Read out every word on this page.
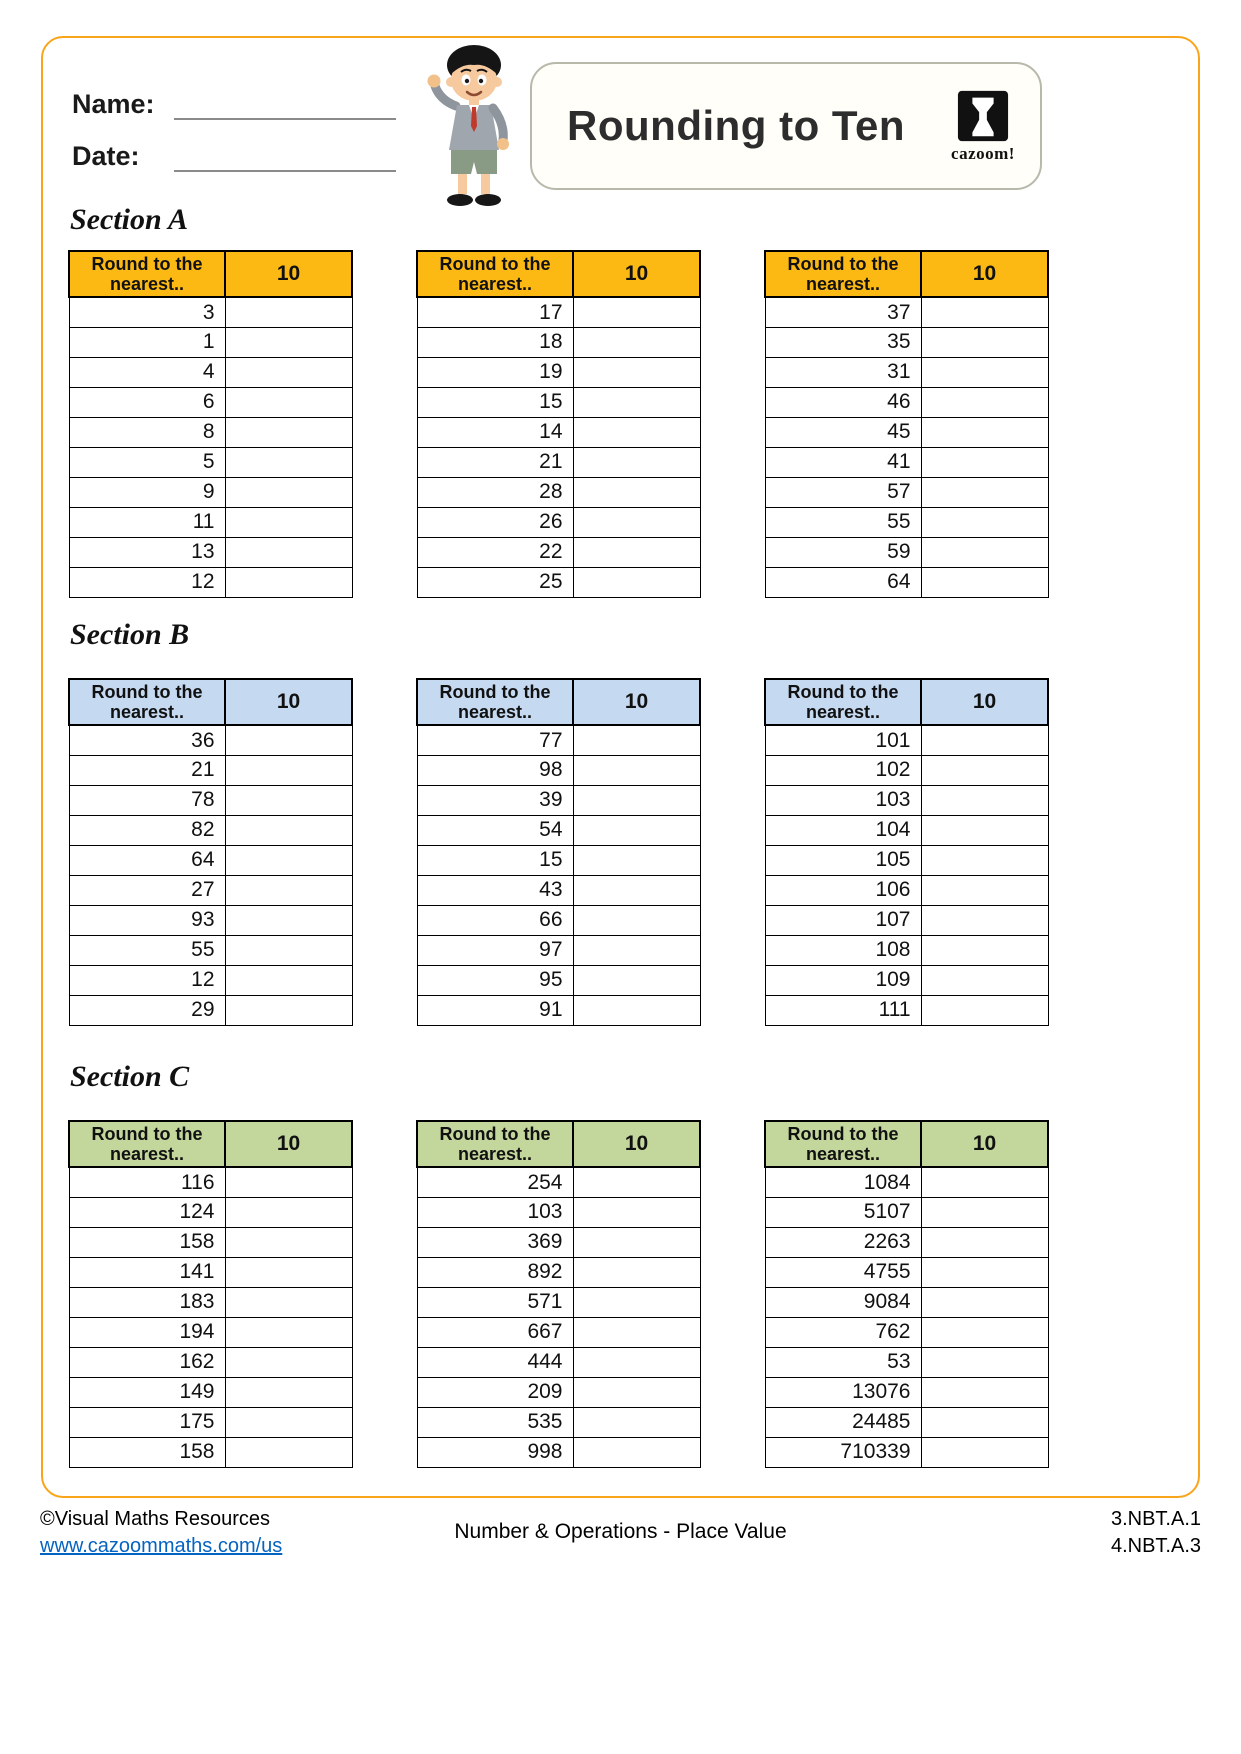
Name:
Date:
Rounding to Ten
cazoom!
Section A
Round to the nearest..	10
3	
1	
4	
6	
8	
5	
9	
11	
13	
12	
Round to the nearest..	10
17	
18	
19	
15	
14	
21	
28	
26	
22	
25	
Round to the nearest..	10
37	
35	
31	
46	
45	
41	
57	
55	
59	
64	
Section B
Round to the nearest..	10
36	
21	
78	
82	
64	
27	
93	
55	
12	
29	
Round to the nearest..	10
77	
98	
39	
54	
15	
43	
66	
97	
95	
91	
Round to the nearest..	10
101	
102	
103	
104	
105	
106	
107	
108	
109	
111	
Section C
Round to the nearest..	10
116	
124	
158	
141	
183	
194	
162	
149	
175	
158	
Round to the nearest..	10
254	
103	
369	
892	
571	
667	
444	
209	
535	
998	
Round to the nearest..	10
1084	
5107	
2263	
4755	
9084	
762	
53	
13076	
24485	
710339	
©Visual Maths Resources
www.cazoommaths.com/us
Number & Operations - Place Value
3.NBT.A.1
4.NBT.A.3
